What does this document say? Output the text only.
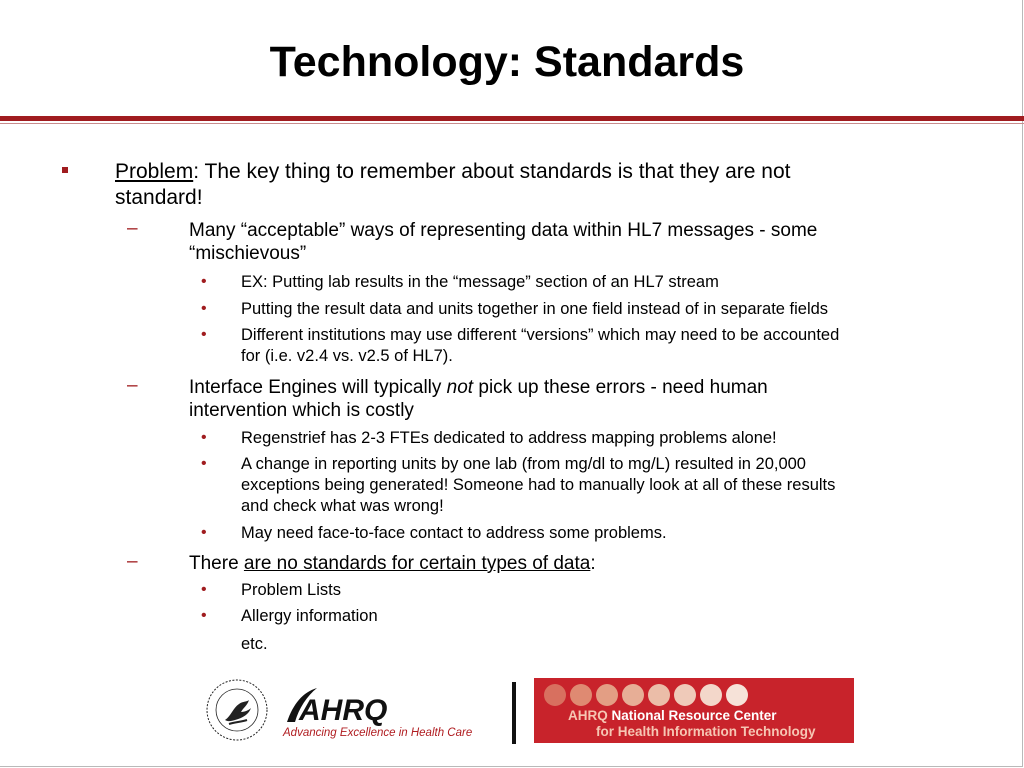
Technology: Standards
Problem: The key thing to remember about standards is that they are not
standard!
–	Many “acceptable” ways of representing data within HL7 messages - some
“mischievous”
• EX: Putting lab results in the “message” section of an HL7 stream
• Putting the result data and units together in one field instead of in separate fields
• Different institutions may use different “versions” which may need to be accounted
for (i.e. v2.4 vs. v2.5 of HL7).
–	Interface Engines will typically not pick up these errors - need human
intervention which is costly
• Regenstrief has 2-3 FTEs dedicated to address mapping problems alone!
• A change in reporting units by one lab (from mg/dl to mg/L) resulted in 20,000
exceptions being generated! Someone had to manually look at all of these results
and check what was wrong!
• May need face-to-face contact to address some problems.
–	There are no standards for certain types of data:
• Problem Lists
• Allergy information
etc.
AHRQ
Advancing Excellence in Health Care
AHRQ National Resource Center
for Health Information Technology
